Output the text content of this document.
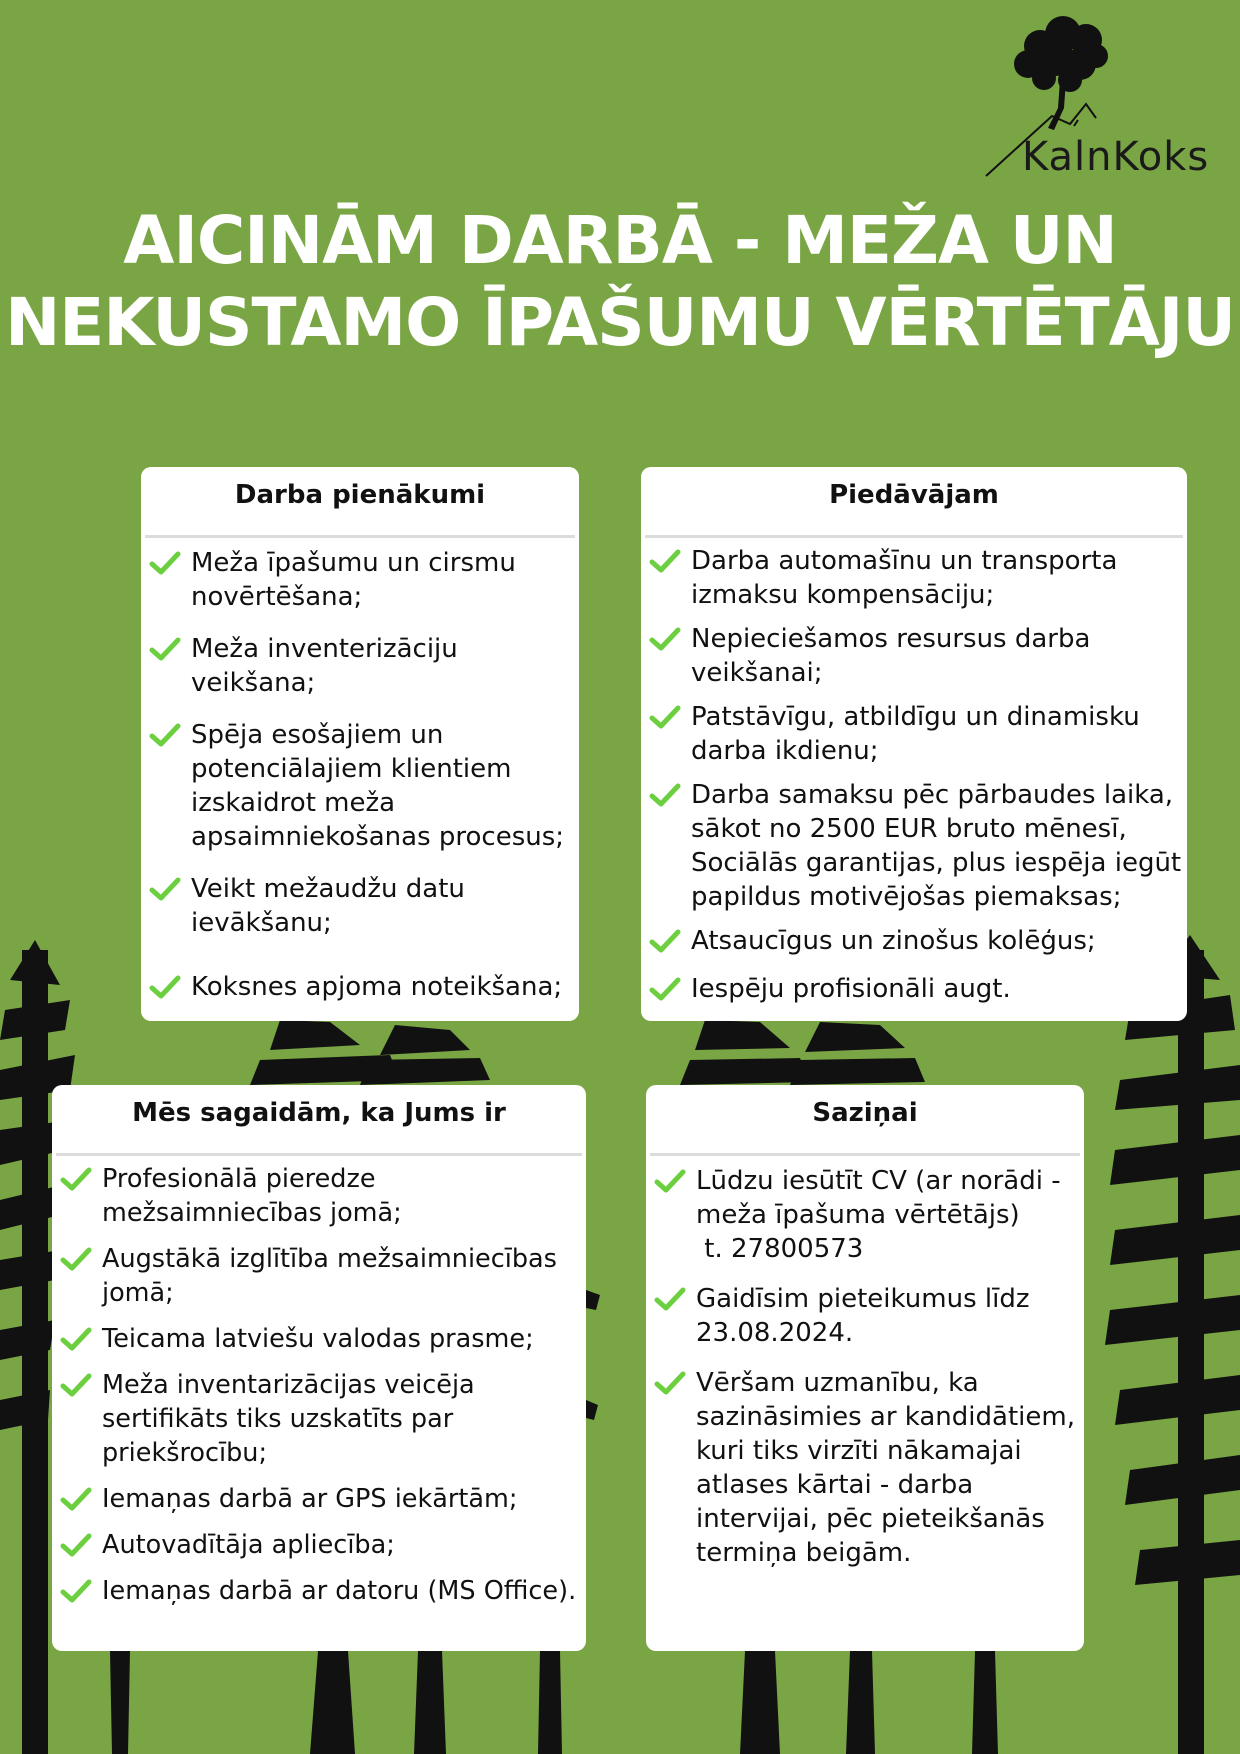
KalnKoks
AICINĀM DARBĀ - MEŽA UN
NEKUSTAMO ĪPAŠUMU VĒRTĒTĀJU
Darba pienākumi
Meža īpašumu un cirsmu
novērtēšana;
Meža inventerizāciju
veikšana;
Spēja esošajiem un
potenciālajiem klientiem
izskaidrot meža
apsaimniekošanas procesus;
Veikt mežaudžu datu
ievākšanu;
Koksnes apjoma noteikšana;
Piedāvājam
Darba automašīnu un transporta
izmaksu kompensāciju;
Nepieciešamos resursus darba
veikšanai;
Patstāvīgu, atbildīgu un dinamisku
darba ikdienu;
Darba samaksu pēc pārbaudes laika,
sākot no 2500 EUR bruto mēnesī,
Sociālās garantijas, plus iespēja iegūt
papildus motivējošas piemaksas;
Atsaucīgus un zinošus kolēģus;
Iespēju profisionāli augt.
Mēs sagaidām, ka Jums ir
Profesionālā pieredze
mežsaimniecības jomā;
Augstākā izglītība mežsaimniecības
jomā;
Teicama latviešu valodas prasme;
Meža inventarizācijas veicēja
sertifikāts tiks uzskatīts par
priekšrocību;
Iemaņas darbā ar GPS iekārtām;
Autovadītāja apliecība;
Iemaņas darbā ar datoru (MS Office).
Saziņai
Lūdzu iesūtīt CV (ar norādi -
meža īpašuma vērtētājs)
t. 27800573
Gaidīsim pieteikumus līdz
23.08.2024.
Vēršam uzmanību, ka
sazināsimies ar kandidātiem,
kuri tiks virzīti nākamajai
atlases kārtai - darba
intervijai, pēc pieteikšanās
termiņa beigām.
